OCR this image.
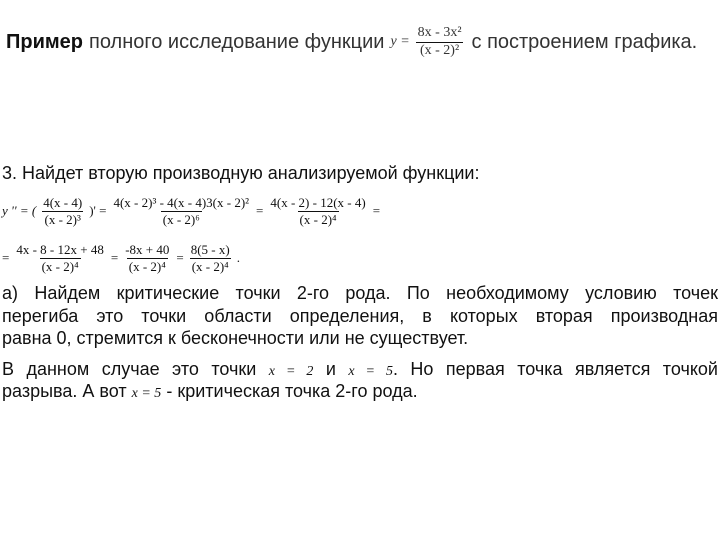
Пример полного исследование функции $y = \frac{\text{8x - 3x²}}{\text{(x - 2)²}}$ с построением графика.
3. Найдет вторую производную анализируемой функции:
y '' = ( $\frac{4(x - 4)}{\text{(x - 2)³}}$ )' = $\frac{\text{4(x - 2)³ - 4(x - 4)3(x - 2)²}}{\text{(x - 2)⁶}} = \frac{4(x - 2) - 12(x - 4)}{\text{(x - 2)⁴}}$ =
= $\frac{4x - 8 - 12x + 48}{\text{(x - 2)⁴}} = \frac{-8x + 40}{\text{(x - 2)⁴}} = \frac{8(5 - x)}{\text{(x - 2)⁴}}$ .
а) Найдем критические точки 2-го рода. По необходимому условию точек
перегиба это точки области определения, в которых вторая производная
равна 0, стремится к бесконечности или не существует.
В данном случае это точки x = 2 и x = 5. Но первая точка является точкой
разрыва. А вот x = 5 - критическая точка 2-го рода.
